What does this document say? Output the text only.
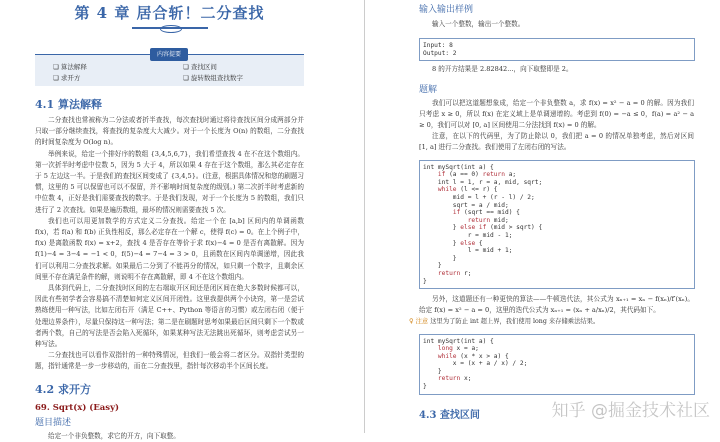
第 4 章 居合斩！二分查找
内容提要
❏ 算法解释	❏ 查找区间
❏ 求开方	❏ 旋转数组查找数字
4.1 算法解释
二分查找也常被称为二分法或者折半查找，每次查找时通过将待查找区间分成两部分并只取一部分继续查找，将查找的复杂度大大减少。对于一个长度为 O(n) 的数组，二分查找的时间复杂度为 O(log n)。
举例来说，给定一个排好序的数组 {3,4,5,6,7}，我们希望查找 4 在不在这个数组内。第一次折半时考虑中位数 5，因为 5 大于 4，所以如果 4 存在于这个数组，那么其必定存在于 5 左边这一半。于是我们的查找区间变成了 {3,4,5}。(注意，根据具体情况和您的刷题习惯，这里的 5 可以保留也可以不保留，并不影响时间复杂度的级别。) 第二次折半时考虑新的中位数 4，正好是我们需要查找的数字。于是我们发现，对于一个长度为 5 的数组，我们只进行了 2 次查找。如果是遍历数组，最坏的情况则需要查找 5 次。
我们也可以用更加数学的方式定义二分查找。给定一个在 [a,b] 区间内的单调函数 f(x)，若 f(a) 和 f(b) 正负性相反，那么必定存在一个解 c，使得 f(c) = 0。在上个例子中，f(x) 是离散函数 f(x) = x+2，查找 4 是否存在等价于求 f(x)−4 = 0 是否有离散解。因为 f(1)−4 = 3−4 = −1 < 0，f(5)−4 = 7−4 = 3 > 0，且函数在区间内单调递增，因此我们可以利用二分查找求解。如果最后二分到了不能再分的情况，如只剩一个数字，且剩余区间里不存在满足条件的解，则说明不存在离散解，即 4 不在这个数组内。
具体到代码上，二分查找时区间的左右端取开区间还是闭区间在绝大多数时候都可以，因此有些初学者会容易搞不清楚如何定义区间开闭性。这里我提供两个小诀窍，第一是尝试熟练使用一种写法，比如左闭右开（满足 C++、Python 等语言的习惯）或左闭右闭（便于处理边界条件），尽量只保持这一种写法；第二是在刷题时思考如果最后区间只剩下一个数或者两个数，自己的写法是否会陷入死循环，如果某种写法无法跳出死循环，则考虑尝试另一种写法。
二分查找也可以看作双指针的一种特殊情况，但我们一般会将二者区分。双指针类型的题，指针通常是一步一步移动的，而在二分查找里，指针每次移动半个区间长度。
4.2 求开方
69. Sqrt(x) (Easy)
题目描述
给定一个非负整数，求它的开方，向下取整。
输入输出样例
输入一个整数，输出一个整数。
Input: 8
Output: 2
8 的开方结果是 2.82842...，向下取整即是 2。
题解
我们可以把这道题想象成，给定一个非负整数 a，求 f(x) = x² − a = 0 的解。因为我们只考虑 x ≥ 0，所以 f(x) 在定义域上是单调递增的。考虑到 f(0) = −a ≤ 0，f(a) = a² − a ≥ 0，我们可以对 [0, a] 区间使用二分法找到 f(x) = 0 的解。
注意，在以下的代码里，为了防止除以 0，我们把 a = 0 的情况单独考虑，然后对区间 [1, a] 进行二分查找。我们使用了左闭右闭的写法。
int mySqrt(int a) {
if (a == 0) return a;
int l = 1, r = a, mid, sqrt;
while (l <= r) {
mid = l + (r - l) / 2;
sqrt = a / mid;
if (sqrt == mid) {
return mid;
} else if (mid > sqrt) {
r = mid - 1;
} else {
l = mid + 1;
}
}
return r;
}
另外，这道题还有一种更快的算法——牛顿迭代法，其公式为 xₙ₊₁ = xₙ − f(xₙ)/f′(xₙ)。给定 f(x) = x² − a = 0，这里的迭代公式为 xₙ₊₁ = (xₙ + a/xₙ)/2，其代码如下。
♀ 注意 这里为了防止 int 超上界，我们使用 long 来存储乘法结果。
int mySqrt(int a) {
long x = a;
while (x * x > a) {
x = (x + a / x) / 2;
}
return x;
}
4.3 查找区间	知乎 @掘金技术社区
